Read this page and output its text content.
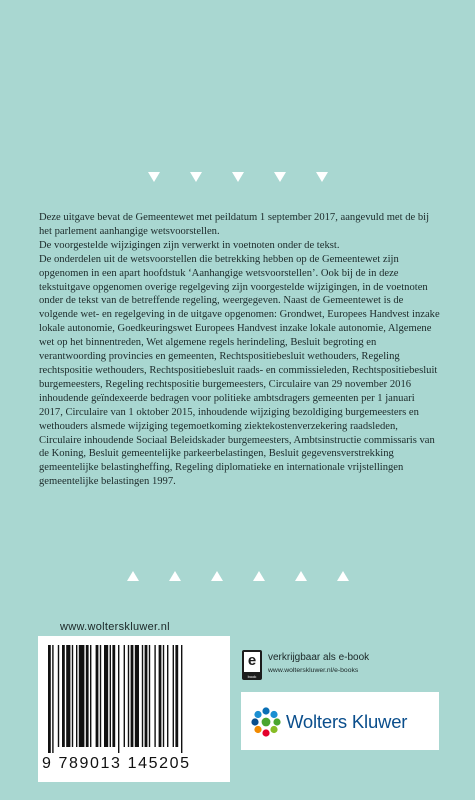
Deze uitgave bevat de Gemeentewet met peildatum 1 september 2017, aangevuld met de bij het parlement aanhangige wetsvoorstellen.

De voorgestelde wijzigingen zijn verwerkt in voetnoten onder de tekst.

De onderdelen uit de wetsvoorstellen die betrekking hebben op de Gemeentewet zijn opgenomen in een apart hoofdstuk ‘Aanhangige wetsvoorstellen’. Ook bij de in deze tekstuitgave opgenomen overige regelgeving zijn voorgestelde wijzigingen, in de voetnoten onder de tekst van de betreffende regeling, weergegeven. Naast de Gemeentewet is de volgende wet- en regelgeving in de uitgave opgenomen: Grondwet, Europees Handvest inzake lokale autonomie, Goedkeuringswet Europees Handvest inzake lokale autonomie, Algemene wet op het binnentreden, Wet algemene regels herindeling, Besluit begroting en verantwoording provincies en gemeenten, Rechtspositiebesluit wethouders, Regeling rechtspositie wethouders, Rechtspositiebesluit raads- en commissieleden, Rechtspositiebesluit burgemeesters, Regeling rechtspositie burgemeesters, Circulaire van 29 november 2016 inhoudende geïndexeerde bedragen voor politieke ambtsdragers gemeenten per 1 januari 2017, Circulaire van 1 oktober 2015, inhoudende wijziging bezoldiging burgemeesters en wethouders alsmede wijziging tegemoetkoming ziektekostenverzekering raadsleden, Circulaire inhoudende Sociaal Beleidskader burgemeesters, Ambtsinstructie commissaris van de Koning, Besluit gemeentelijke parkeerbelastingen, Besluit gegevensverstrekking gemeentelijke belastingheffing, Regeling diplomatieke en internationale vrijstellingen gemeentelijke belastingen 1997.

www.wolterskluwer.nl
9 789013 145205
e
book
verkrijgbaar als e-book
www.wolterskluwer.nl/e-books
Wolters Kluwer
